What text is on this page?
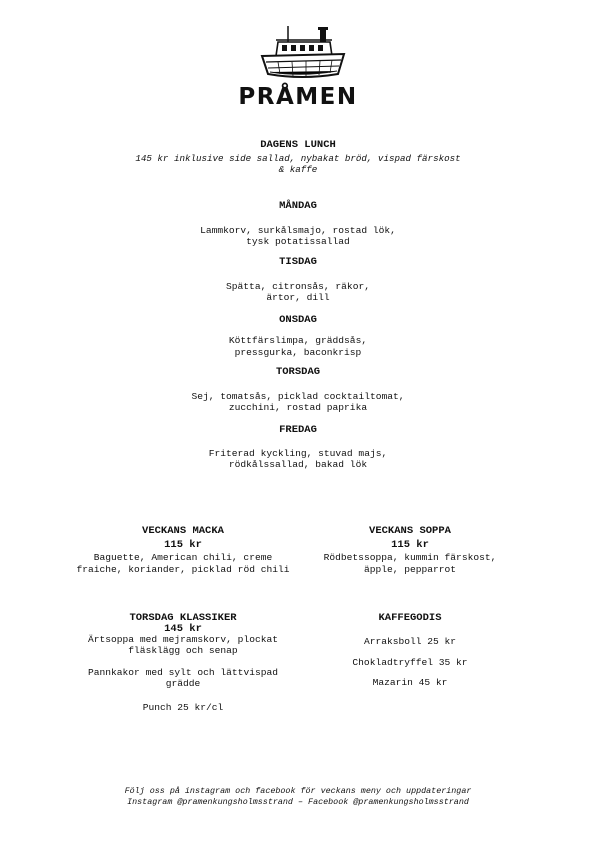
PRÅMEN
DAGENS LUNCH
145 kr inklusive side sallad, nybakat bröd, vispad färskost
& kaffe
MÅNDAG
Lammkorv, surkålsmajo, rostad lök,
tysk potatissallad
TISDAG
Spätta, citronsås, räkor,
ärtor, dill
ONSDAG
Köttfärslimpa, gräddsås,
pressgurka, baconkrisp
TORSDAG
Sej, tomatsås, picklad cocktailtomat,
zucchini, rostad paprika
FREDAG
Friterad kyckling, stuvad majs,
rödkålssallad, bakad lök
VECKANS MACKA
115 kr
Baguette, American chili, creme
fraiche, koriander, picklad röd chili
VECKANS SOPPA
115 kr
Rödbetssoppa, kummin färskost,
äpple, pepparrot
TORSDAG KLASSIKER
145 kr
Ärtsoppa med mejramskorv, plockat
fläsklägg och senap
Pannkakor med sylt och lättvispad
grädde
Punch 25 kr/cl
KAFFEGODIS
Arraksboll 25 kr
Chokladtryffel 35 kr
Mazarin 45 kr
Följ oss på instagram och facebook för veckans meny och uppdateringar
Instagram @pramenkungsholmsstrand – Facebook @pramenkungsholmsstrand
